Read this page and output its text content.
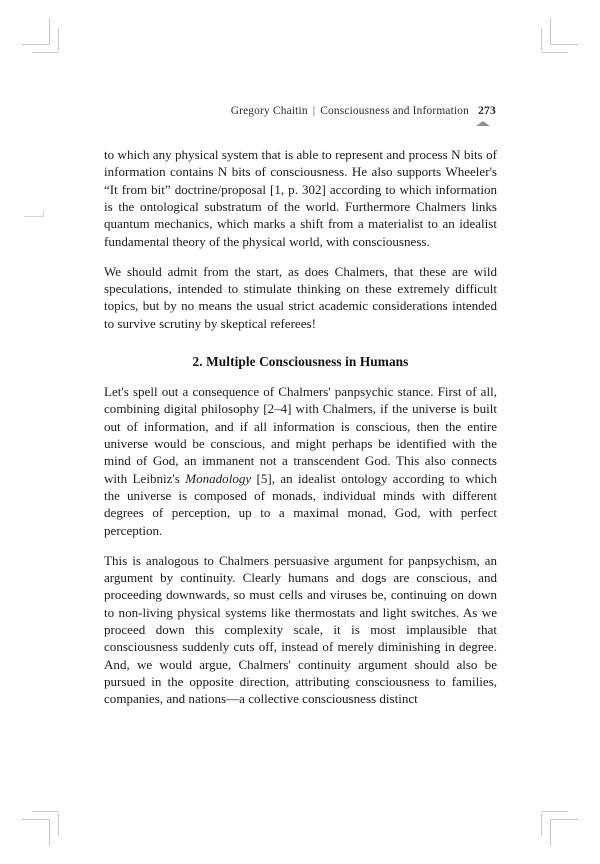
Gregory Chaitin | Consciousness and Information 273

to which any physical system that is able to represent and process N bits of information contains N bits of consciousness. He also supports Wheeler's “It from bit” doctrine/proposal [1, p. 302] according to which information is the ontological substratum of the world. Furthermore Chalmers links quantum mechanics, which marks a shift from a materialist to an idealist fundamental theory of the physical world, with consciousness.

We should admit from the start, as does Chalmers, that these are wild speculations, intended to stimulate thinking on these extremely difficult topics, but by no means the usual strict academic considerations intended to survive scrutiny by skeptical referees!

2. Multiple Consciousness in Humans

Let's spell out a consequence of Chalmers' panpsychic stance. First of all, combining digital philosophy [2–4] with Chalmers, if the universe is built out of information, and if all information is conscious, then the entire universe would be conscious, and might perhaps be identified with the mind of God, an immanent not a transcendent God. This also connects with Leibniz's Monadology [5], an idealist ontology according to which the universe is composed of monads, individual minds with different degrees of perception, up to a maximal monad, God, with perfect perception.

This is analogous to Chalmers persuasive argument for panpsychism, an argument by continuity. Clearly humans and dogs are conscious, and proceeding downwards, so must cells and viruses be, continuing on down to non-living physical systems like thermostats and light switches. As we proceed down this complexity scale, it is most implausible that consciousness suddenly cuts off, instead of merely diminishing in degree. And, we would argue, Chalmers' continuity argument should also be pursued in the opposite direction, attributing consciousness to families, companies, and nations—a collective consciousness distinct
